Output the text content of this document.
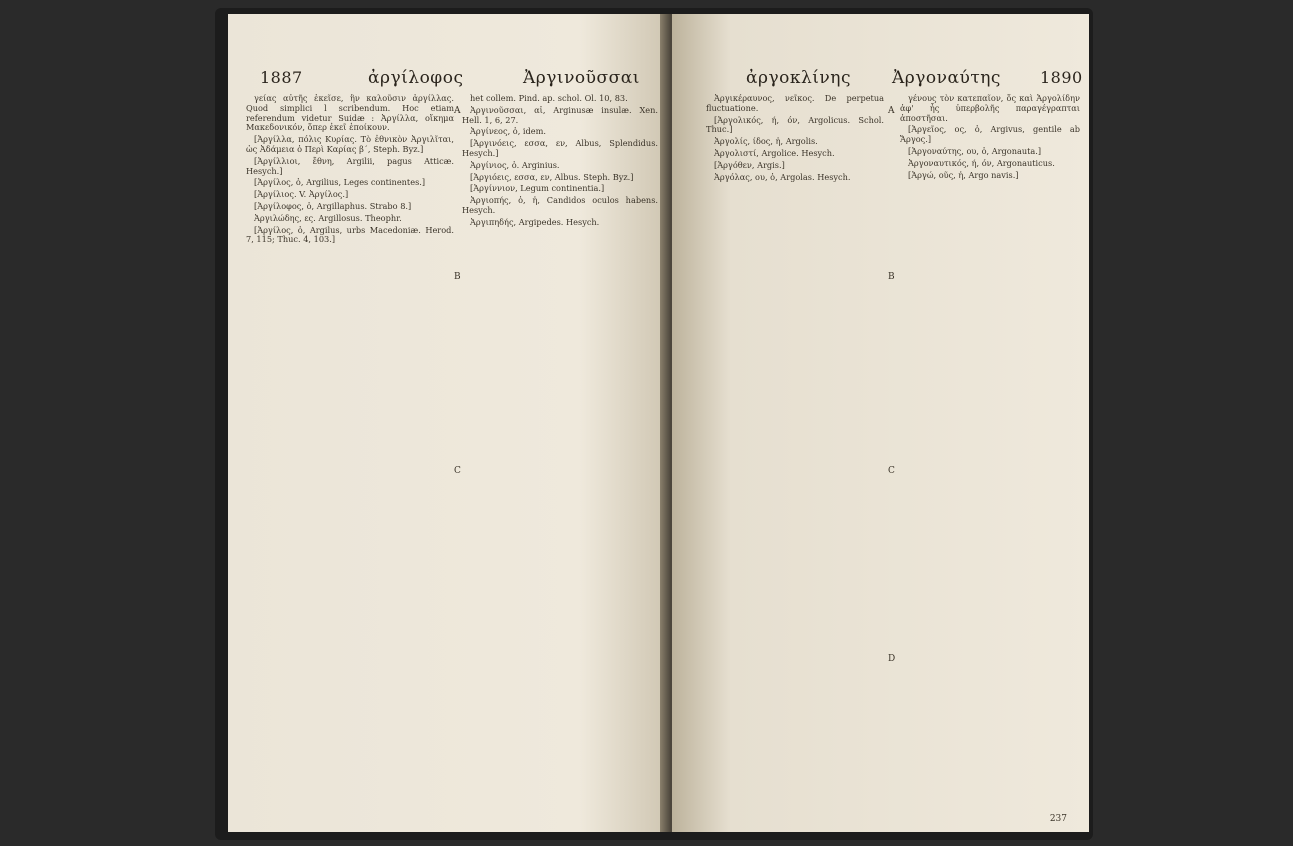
1887	ἀργίλοφος	Ἀργινοῦσσαι

γείας αὐτῆς ἐκεῖσε, ἣν καλοῦσιν ἀργίλλας. Quod simplici l scribendum. Hoc etiam referendum videtur Suidæ : Ἀργίλλα, οἴκημα Μακεδονικόν, ὅπερ ἐκεῖ ἐποίκουν.

[Ἀργίλλα, πόλις Κυρίας. Τὸ ἐθνικὸν Ἀργιλῖται, ὡς Ἀδάμεια ὁ Περὶ Καρίας β΄, Steph. Byz.]

[Ἀργίλλιοι, ἔθνη, Argilii, pagus Atticæ. Hesych.]

[Ἀργίλος, ὁ, Argilius, Leges continentes.]

[Ἀργίλιος. V. Ἀργίλος.]

[Ἀργίλοφος, ὁ, Argillaphus. Strabo 8.]

Ἀργιλώδης, ες. Argillosus. Theophr.

[Ἀργίλος, ὁ, Argilus, urbs Macedoniæ. Herod. 7, 115; Thuc. 4, 103.]

het collem. Pind. ap. schol. Ol. 10, 83.

Ἀργινοῦσσαι, αἱ, Arginusæ insulæ. Xen. Hell. 1, 6, 27.

Ἀργίνεος, ὁ, idem.

[Ἀργινόεις, εσσα, εν, Albus, Splendidus. Hesych.]

Ἀργίνιος, ὁ. Arginius.

[Ἀργιόεις, εσσα, εν, Albus. Steph. Byz.]

[Ἀργίννιον, Legum continentia.]

Ἀργιοπής, ὁ, ἡ, Candidos oculos habens. Hesych.

Ἀργιπηδής, Argipedes. Hesych.

A
B
C
ἀργοκλίνης Ἀργοναύτης 1890

Ἀργικέραυνος, νεῖκος. De perpetua fluctuatione.

[Ἀργολικός, ή, όν, Argolicus. Schol. Thuc.]

Ἀργολίς, ίδος, ἡ, Argolis.

Ἀργολιστί, Argolice. Hesych.

[Ἀργόθεν, Argis.]

Ἀργόλας, ου, ὁ, Argolas. Hesych.

γένους τὸν κατεπαῖον, ὅς καὶ Ἀργολίδην ἀφ' ἧς ὑπερβολῆς παραγέγραπται ἀποστῆσαι.

[Ἀργεῖος, ος, ὁ, Argivus, gentile ab Ἄργος.]

[Ἀργοναύτης, ου, ὁ, Argonauta.]

Ἀργοναυτικός, ή, όν, Argonauticus.

[Ἀργώ, οῦς, ἡ, Argo navis.]

A
B
C
D
237
